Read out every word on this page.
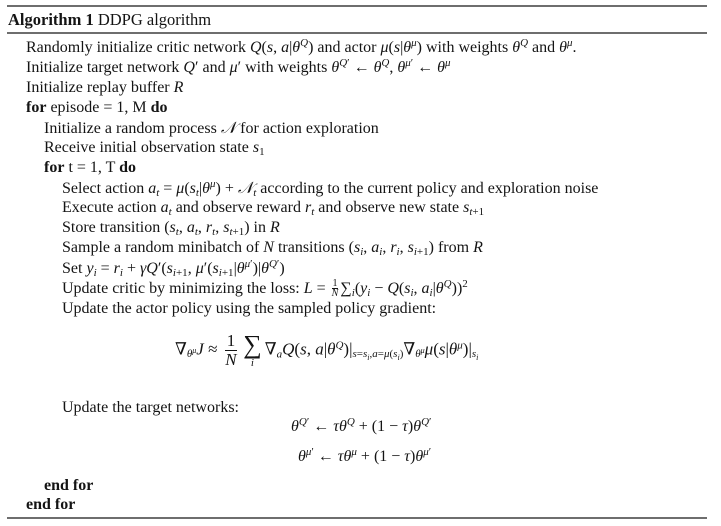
Algorithm 1 DDPG algorithm
Randomly initialize critic network Q(s, $a|\theta^Q$) and actor $\mu(s|\theta^\mu)$ with weights $\theta^Q$ and $\theta^\mu$.
Initialize target network Q′ and μ′ with weights $\theta^{Q'}$ ← $\theta^Q$, $\theta^{\mu'}$ ← $\theta^\mu$
Initialize replay buffer R
for episode = 1, M do
Initialize a random process 𝒩 for action exploration
Receive initial observation state $s_1$
for t = 1, T do
Select action $a_t = \mu(s_t|\theta^\mu)$ + 𝒩$_t$ according to the current policy and exploration noise
Execute action $a_t$ and observe reward $r_t$ and observe new state $s_{t+1}$
Store transition ($s_t$, $a_t$, $r_t$, $s_{t+1}$) in R
Sample a random minibatch of N transitions ($s_i$, $a_i$, $r_i$, $s_{i+1}$) from R
Set $y_i = r_i + \gamma Q'(s_{i+1}$, $\mu'(s_{i+1}|\theta^{\mu'})|\theta^{Q'}$)
Update critic by minimizing the loss: $L = \frac{1}{N} \sum_i(y_i - Q(s_i$, $a_i|\theta^Q))^2$
Update the actor policy using the sampled policy gradient:
$\nabla_{\theta^\mu}J \approx \frac{1}{N}$ ∑
i
$\nabla_aQ(s$, $a|\theta^Q)|_{s=s_i,a=\mu(s_i)}\nabla_{\theta^\mu}\mu(s|\theta^\mu)|_{s_i}$
Update the target networks:
$\theta^{Q'}$ ← $\tau\theta^Q + (1 - \tau)\theta^{Q'}$
$\theta^{\mu'}$ ← $\tau\theta^\mu + (1 - \tau)\theta^{\mu'}$
end for
end for
